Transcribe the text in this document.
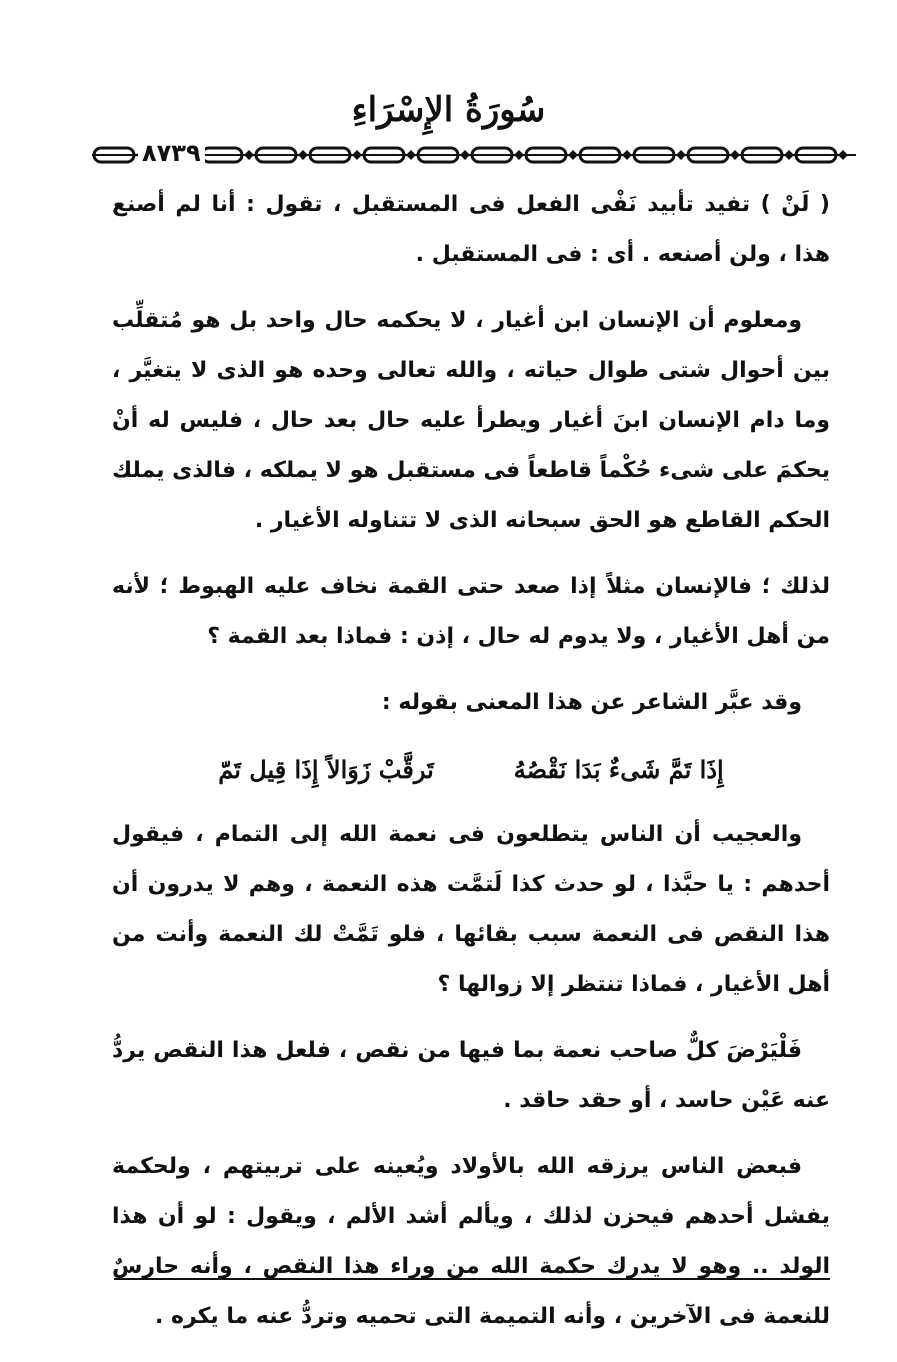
سُورَةُ الإِسْرَاءِ
٨٧٣٩

( لَنْ ) تفيد تأبيد نَفْى الفعل فى المستقبل ، تقول : أنا لم أصنع هذا ، ولن أصنعه . أى : فى المستقبل .

ومعلوم أن الإنسان ابن أغيار ، لا يحكمه حال واحد بل هو مُتقلِّب بين أحوال شتى طوال حياته ، والله تعالى وحده هو الذى لا يتغيَّر ، وما دام الإنسان ابنَ أغيار ويطرأ عليه حال بعد حال ، فليس له أنْ يحكمَ على شىء حُكْماً قاطعاً فى مستقبل هو لا يملكه ، فالذى يملك الحكم القاطع هو الحق سبحانه الذى لا تتناوله الأغيار .

لذلك ؛ فالإنسان مثلاً إذا صعد حتى القمة نخاف عليه الهبوط ؛ لأنه من أهل الأغيار ، ولا يدوم له حال ، إذن : فماذا بعد القمة ؟

وقد عبَّر الشاعر عن هذا المعنى بقوله :

إِذَا تَمَّ شَىءٌ بَدَا نَقْصُهُ
تَرقَّبْ زَوَالاً إِذَا قِيل تَمّ

والعجيب أن الناس يتطلعون فى نعمة الله إلى التمام ، فيقول أحدهم : يا حبَّذا ، لو حدث كذا لَتمَّت هذه النعمة ، وهم لا يدرون أن هذا النقص فى النعمة سبب بقائها ، فلو تَمَّتْ لك النعمة وأنت من أهل الأغيار ، فماذا تنتظر إلا زوالها ؟

فَلْيَرْضَ كلٌّ صاحب نعمة بما فيها من نقص ، فلعل هذا النقص يردُّ عنه عَيْن حاسد ، أو حقد حاقد .

فبعض الناس يرزقه الله بالأولاد ويُعينه على تربيتهم ، ولحكمة يفشل أحدهم فيحزن لذلك ، ويألم أشد الألم ، ويقول : لو أن هذا الولد .. وهو لا يدرك حكمة الله من وراء هذا النقص ، وأنه حارسٌ للنعمة فى الآخرين ، وأنه التميمة التى تحميه وتردُّ عنه ما يكره .
